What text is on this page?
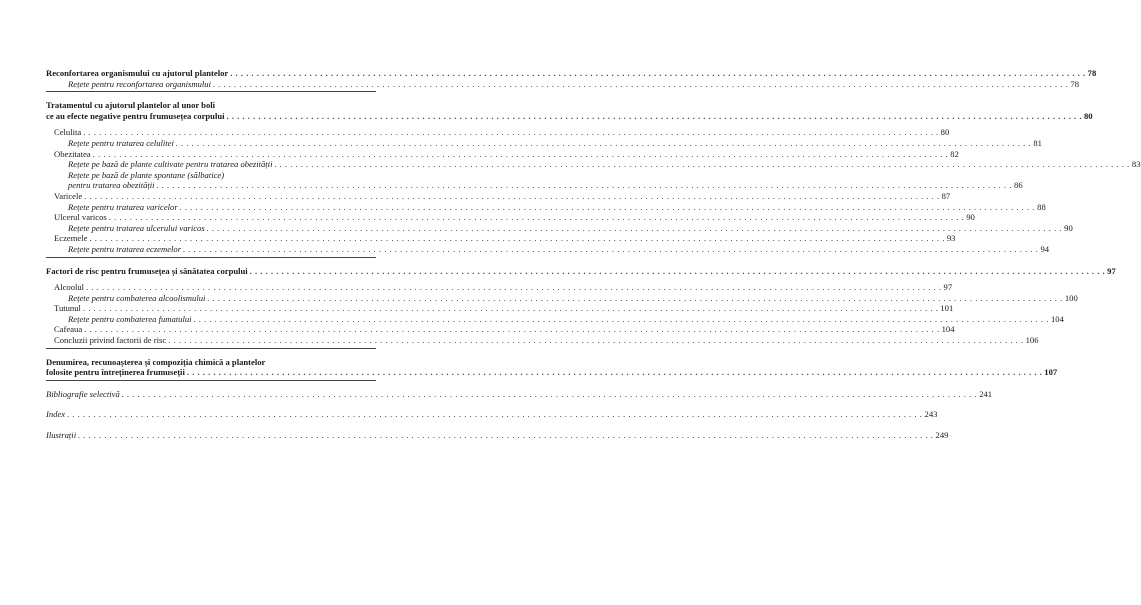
Reconfortarea organismului cu ajutorul plantelor . . .	78
Rețete pentru reconfortarea organismului . . .	78
Tratamentul cu ajutorul plantelor al unor boli
ce au efecte negative pentru frumusețea corpului . . .	80
Celulita . . .	80
Rețete pentru tratarea celulitei . . .	81
Obezitatea . . .	82
Rețete pe bază de plante cultivate pentru tratarea obezității . . .	83
Rețete pe bază de plante spontane (sălbatice)
pentru tratarea obezității . . .	86
Varicele . . .	87
Rețete pentru tratarea varicelor . . .	88
Ulcerul varicos . . .	90
Rețete pentru tratarea ulcerului varicos . . .	90
Eczemele . . .	93
Rețete pentru tratarea eczemelor . . .	94
Factori de risc pentru frumusețea și sănătatea corpului . . .	97
Alcoolul . . .	97
Rețete pentru combaterea alcoolismului . . .	100
Tutunul . . .	101
Rețete pentru combaterea fumatului . . .	104
Cafeaua . . .	104
Concluzii privind factorii de risc . . .	106
Denumirea, recunoașterea și compoziția chimică a plantelor
folosite pentru întreținerea frumuseții . . .	107
Bibliografie selectivă . . .	241
Index . . .	243
Ilustrații . . .	249
